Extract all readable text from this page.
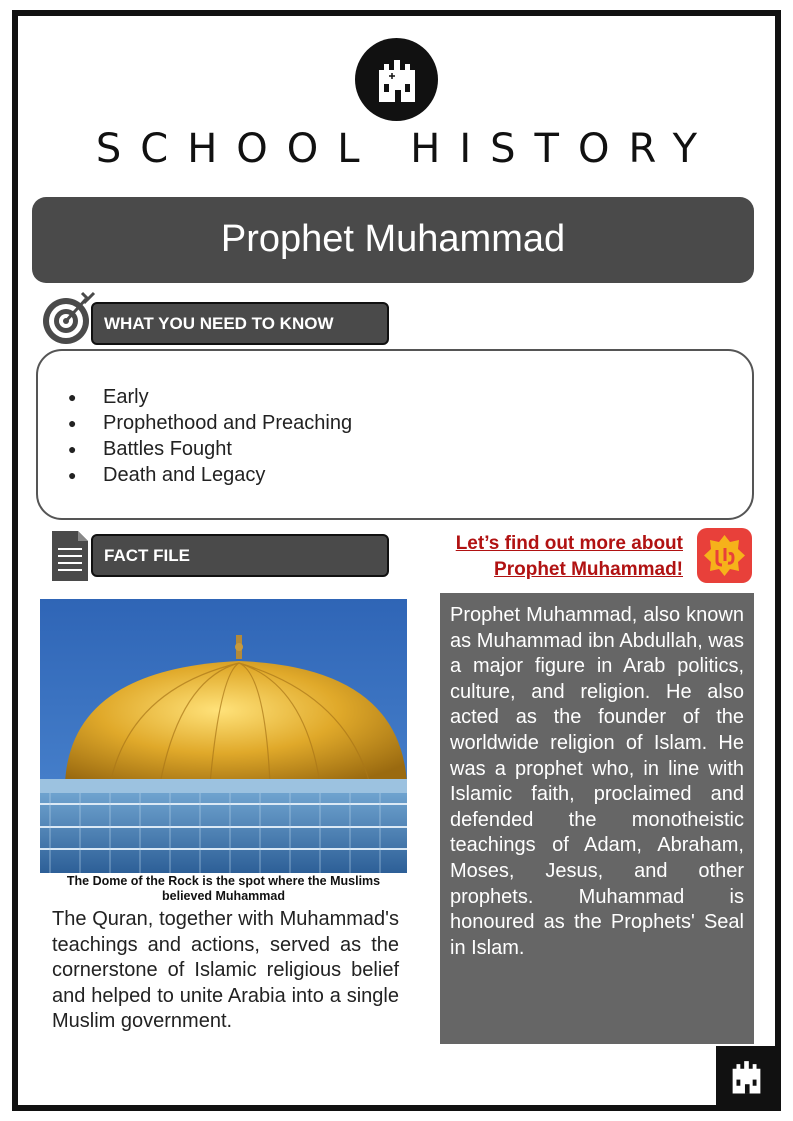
SCHOOL HISTORY
Prophet Muhammad
WHAT YOU NEED TO KNOW
●	Early
●	Prophethood and Preaching
●	Battles Fought
●	Death and Legacy
FACT FILE
Let’s find out more about
Prophet Muhammad!
The Dome of the Rock is the spot where the Muslims
believed Muhammad
The Quran, together with Muhammad's teachings and actions, served as the cornerstone of Islamic religious belief and helped to unite Arabia into a single Muslim government.
Prophet Muhammad, also known as Muhammad ibn Abdullah, was a major figure in Arab politics, culture, and religion. He also acted as the founder of the worldwide religion of Islam. He was a prophet who, in line with Islamic faith, proclaimed and defended the monotheistic teachings of Adam, Abraham, Moses, Jesus, and other prophets. Muhammad is honoured as the Prophets' Seal in Islam.
